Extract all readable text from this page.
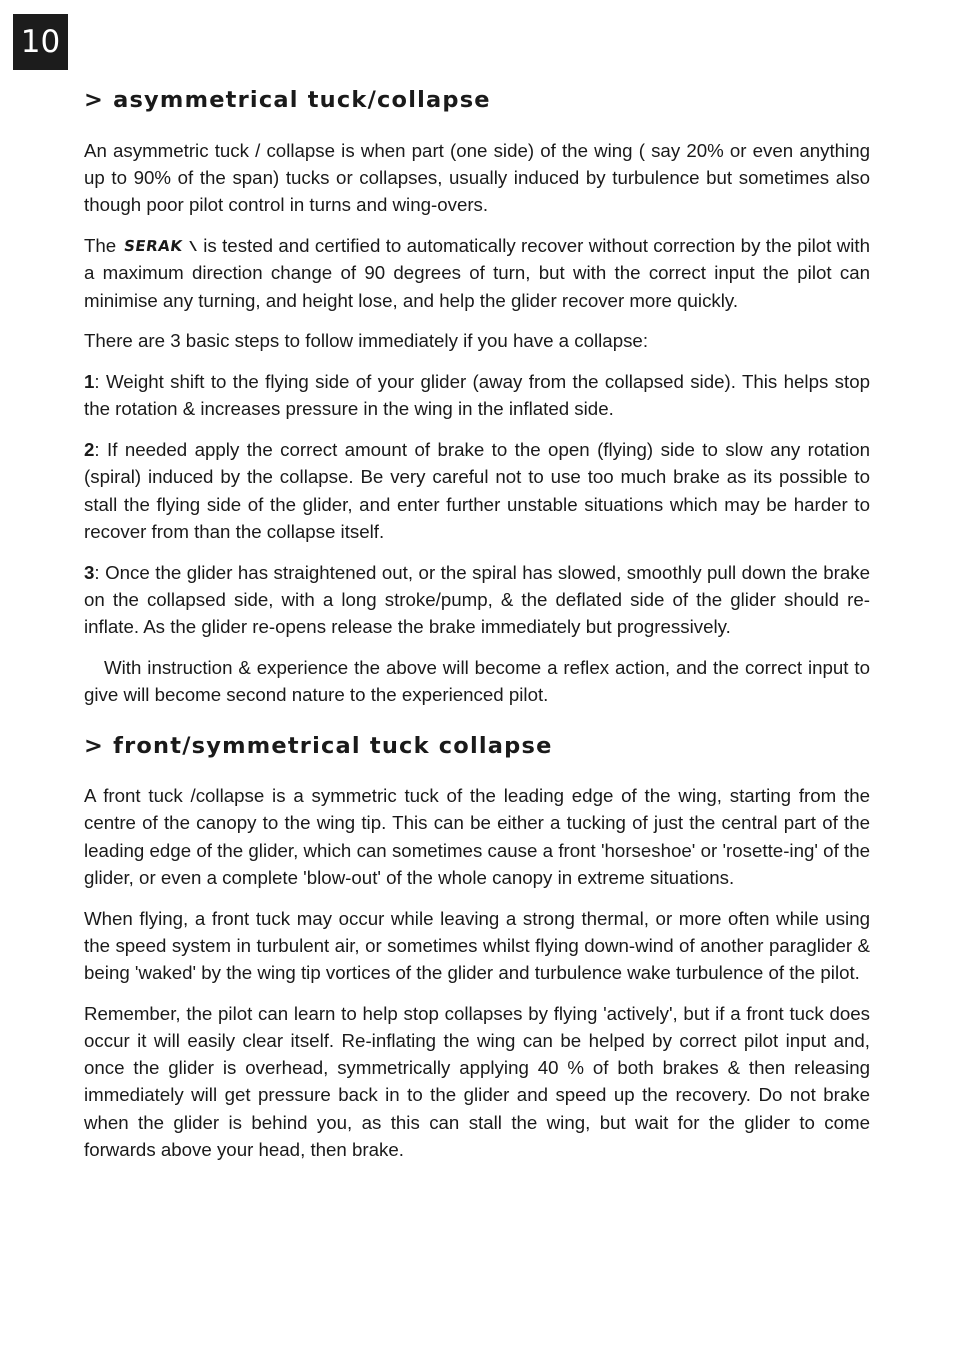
10
> asymmetrical tuck/collapse

An asymmetric tuck / collapse is when part (one side) of the wing ( say 20% or even anything up to 90% of the span) tucks or collapses, usually induced by turbulence but sometimes also though poor pilot control in turns and wing-overs.

The SERAK is tested and certified to automatically recover without correction by the pilot with a maximum direction change of 90 degrees of turn, but with the correct input the pilot can minimise any turning, and height lose, and help the glider recover more quickly.

There are 3 basic steps to follow immediately if you have a collapse:

1: Weight shift to the flying side of your glider (away from the collapsed side). This helps stop the rotation & increases pressure in the wing in the inflated side.

2: If needed apply the correct amount of brake to the open (flying) side to slow any rotation (spiral) induced by the collapse. Be very careful not to use too much brake as its possible to stall the flying side of the glider, and enter further unstable situations which may be harder to recover from than the collapse itself.

3: Once the glider has straightened out, or the spiral has slowed, smoothly pull down the brake on the collapsed side, with a long stroke/pump, & the deflated side of the glider should re-inflate. As the glider re-opens release the brake immediately but progressively.

With instruction & experience the above will become a reflex action, and the correct input to give will become second nature to the experienced pilot.

> front/symmetrical tuck collapse

A front tuck /collapse is a symmetric tuck of the leading edge of the wing, starting from the centre of the canopy to the wing tip. This can be either a tucking of just the central part of the leading edge of the glider, which can sometimes cause a front 'horseshoe' or 'rosette-ing' of the glider, or even a complete 'blow-out' of the whole canopy in extreme situations.

When flying, a front tuck may occur while leaving a strong thermal, or more often while using the speed system in turbulent air, or sometimes whilst flying down-wind of another paraglider & being 'waked' by the wing tip vortices of the glider and turbulence wake turbulence of the pilot.

Remember, the pilot can learn to help stop collapses by flying 'actively', but if a front tuck does occur it will easily clear itself. Re-inflating the wing can be helped by correct pilot input and, once the glider is overhead, symmetrically applying 40 % of both brakes & then releasing immediately will get pressure back in to the glider and speed up the recovery. Do not brake when the glider is behind you, as this can stall the wing, but wait for the glider to come forwards above your head, then brake.
